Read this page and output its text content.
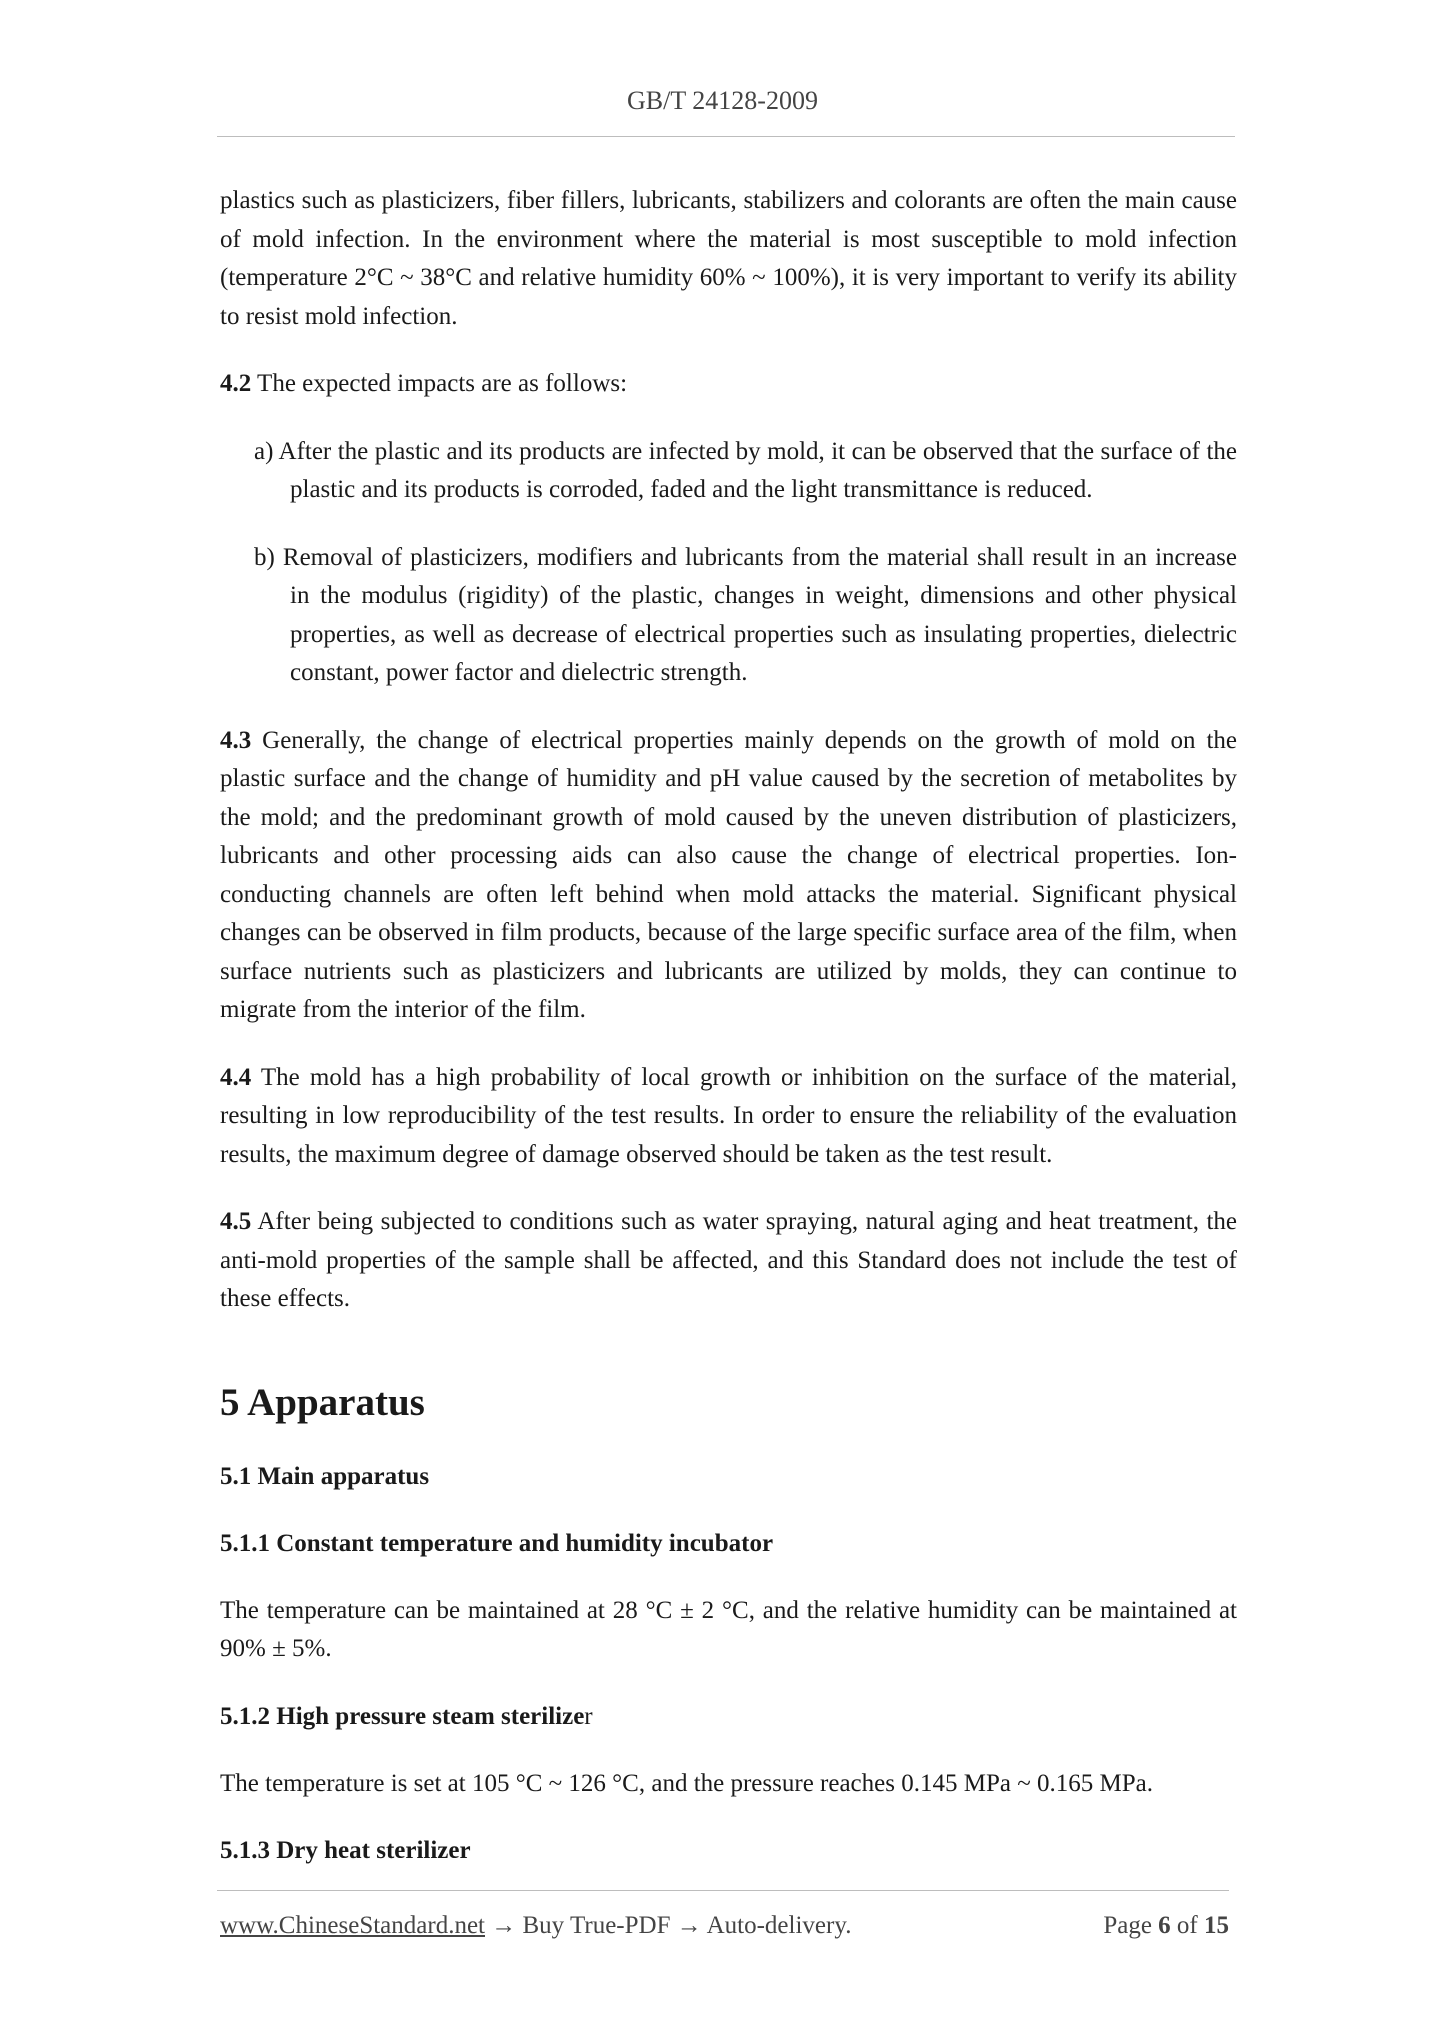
GB/T 24128-2009

plastics such as plasticizers, fiber fillers, lubricants, stabilizers and colorants are often the main cause of mold infection. In the environment where the material is most susceptible to mold infection (temperature 2°C ~ 38°C and relative humidity 60% ~ 100%), it is very important to verify its ability to resist mold infection.

4.2 The expected impacts are as follows:

a) After the plastic and its products are infected by mold, it can be observed that the surface of the plastic and its products is corroded, faded and the light transmittance is reduced.

b) Removal of plasticizers, modifiers and lubricants from the material shall result in an increase in the modulus (rigidity) of the plastic, changes in weight, dimensions and other physical properties, as well as decrease of electrical properties such as insulating properties, dielectric constant, power factor and dielectric strength.

4.3 Generally, the change of electrical properties mainly depends on the growth of mold on the plastic surface and the change of humidity and pH value caused by the secretion of metabolites by the mold; and the predominant growth of mold caused by the uneven distribution of plasticizers, lubricants and other processing aids can also cause the change of electrical properties. Ion-conducting channels are often left behind when mold attacks the material. Significant physical changes can be observed in film products, because of the large specific surface area of the film, when surface nutrients such as plasticizers and lubricants are utilized by molds, they can continue to migrate from the interior of the film.

4.4 The mold has a high probability of local growth or inhibition on the surface of the material, resulting in low reproducibility of the test results. In order to ensure the reliability of the evaluation results, the maximum degree of damage observed should be taken as the test result.

4.5 After being subjected to conditions such as water spraying, natural aging and heat treatment, the anti-mold properties of the sample shall be affected, and this Standard does not include the test of these effects.

5 Apparatus
5.1 Main apparatus
5.1.1 Constant temperature and humidity incubator

The temperature can be maintained at 28 °C ± 2 °C, and the relative humidity can be maintained at 90% ± 5%.

5.1.2 High pressure steam sterilizer

The temperature is set at 105 °C ~ 126 °C, and the pressure reaches 0.145 MPa ~ 0.165 MPa.

5.1.3 Dry heat sterilizer
www.ChineseStandard.net → Buy True-PDF → Auto-delivery.	Page 6 of 15
